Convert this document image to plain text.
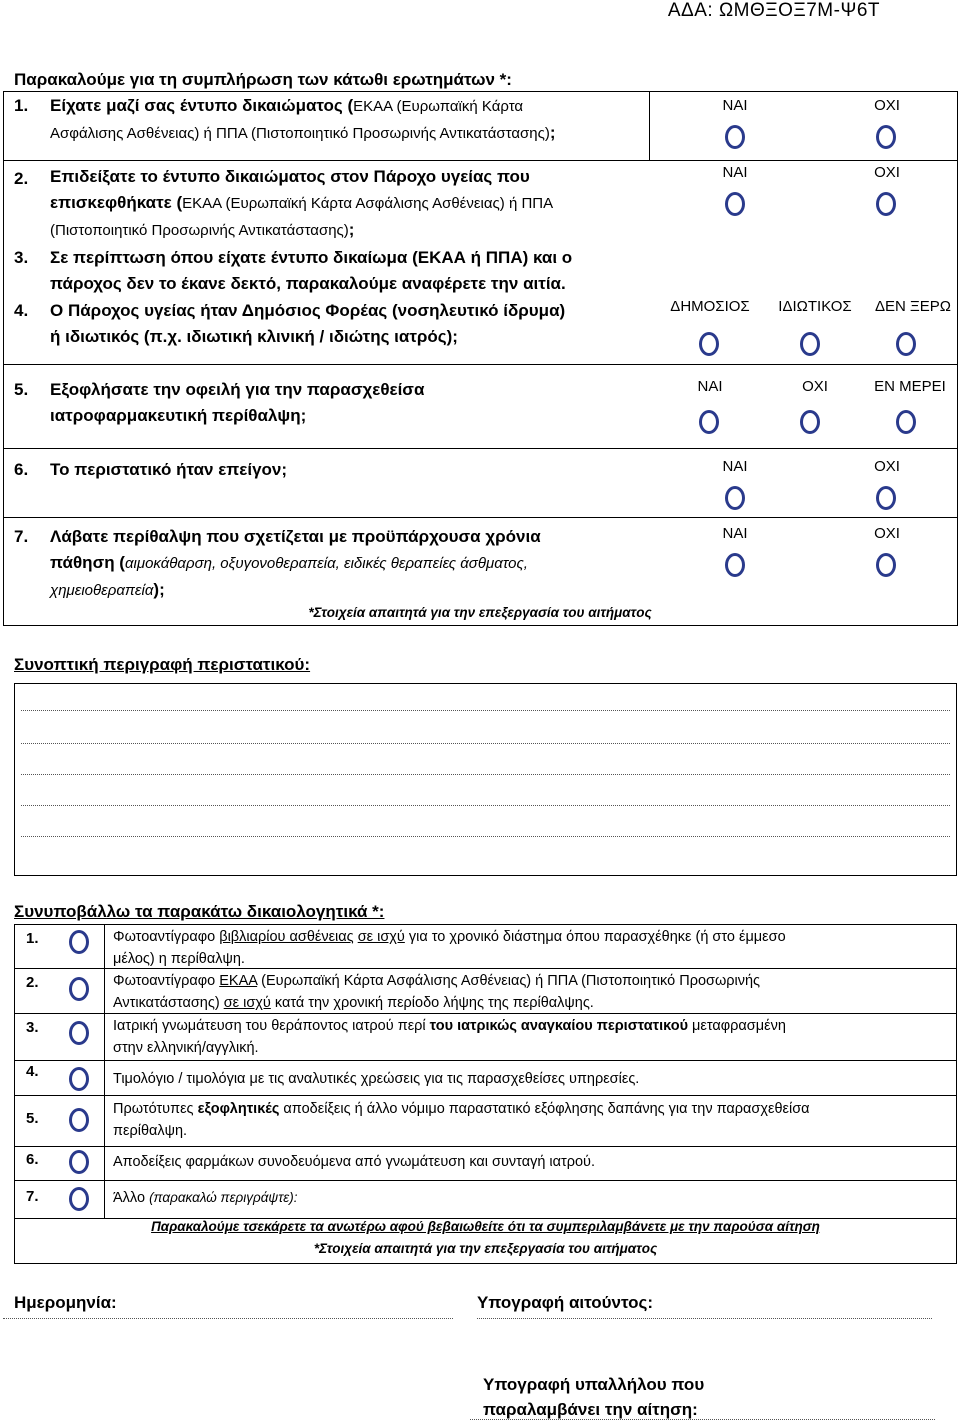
ΑΔΑ: ΩΜΘΞΟΞ7Μ-Ψ6Τ
Παρακαλούμε για τη συμπλήρωση των κάτωθι ερωτημάτων *:
1. Είχατε μαζί σας έντυπο δικαιώματος (ΕΚΑΑ (Ευρωπαϊκή Κάρτα
Ασφάλισης Ασθένειας) ή ΠΠΑ (Πιστοποιητικό Προσωρινής Αντικατάστασης);
ΝΑΙ	ΟΧΙ
2. Επιδείξατε το έντυπο δικαιώματος στον Πάροχο υγείας που
επισκεφθήκατε (ΕΚΑΑ (Ευρωπαϊκή Κάρτα Ασφάλισης Ασθένειας) ή ΠΠΑ
(Πιστοποιητικό Προσωρινής Αντικατάστασης);
ΝΑΙ	ΟΧΙ
3. Σε περίπτωση όπου είχατε έντυπο δικαίωμα (ΕΚΑΑ ή ΠΠΑ) και ο
πάροχος δεν το έκανε δεκτό, παρακαλούμε αναφέρετε την αιτία.
4. Ο Πάροχος υγείας ήταν Δημόσιος Φορέας (νοσηλευτικό ίδρυμα)
ή ιδιωτικός (π.χ. ιδιωτική κλινική / ιδιώτης ιατρός);
ΔΗΜΟΣΙΟΣ	ΙΔΙΩΤΙΚΟΣ	ΔΕΝ ΞΕΡΩ
5. Εξοφλήσατε την οφειλή για την παρασχεθείσα
ιατροφαρμακευτική περίθαλψη;
ΝΑΙ	ΟΧΙ	ΕΝ ΜΕΡΕΙ
6. Το περιστατικό ήταν επείγον;	ΝΑΙ	ΟΧΙ
7. Λάβατε περίθαλψη που σχετίζεται με προϋπάρχουσα χρόνια
πάθηση (αιμοκάθαρση, οξυγονοθεραπεία, ειδικές θεραπείες άσθματος,
χημειοθεραπεία);
ΝΑΙ	ΟΧΙ
*Στοιχεία απαιτητά για την επεξεργασία του αιτήματος
Συνοπτική περιγραφή περιστατικού:
Συνυποβάλλω τα παρακάτω δικαιολογητικά *:
1.	Φωτοαντίγραφο βιβλιαρίου ασθένειας σε ισχύ για το χρονικό διάστημα όπου παρασχέθηκε (ή στο έμμεσο
μέλος) η περίθαλψη.
2.	Φωτοαντίγραφο ΕΚΑΑ (Ευρωπαϊκή Κάρτα Ασφάλισης Ασθένειας) ή ΠΠΑ (Πιστοποιητικό Προσωρινής
Αντικατάστασης) σε ισχύ κατά την χρονική περίοδο λήψης της περίθαλψης.
3.	Ιατρική γνωμάτευση του θεράποντος ιατρού περί του ιατρικώς αναγκαίου περιστατικού μεταφρασμένη
στην ελληνική/αγγλική.
4.	Τιμολόγιο / τιμολόγια με τις αναλυτικές χρεώσεις για τις παρασχεθείσες υπηρεσίες.
5.
Πρωτότυπες εξοφλητικές αποδείξεις ή άλλο νόμιμο παραστατικό εξόφλησης δαπάνης για την παρασχεθείσα
περίθαλψη.
6.	Αποδείξεις φαρμάκων συνοδευόμενα από γνωμάτευση και συνταγή ιατρού.
7.	Άλλο (παρακαλώ περιγράψτε):
Παρακαλούμε τσεκάρετε τα ανωτέρω αφού βεβαιωθείτε ότι τα συμπεριλαμβάνετε με την παρούσα αίτηση
*Στοιχεία απαιτητά για την επεξεργασία του αιτήματος
Ημερομηνία:	Υπογραφή αιτούντος:
Υπογραφή υπαλλήλου που
παραλαμβάνει την αίτηση:
